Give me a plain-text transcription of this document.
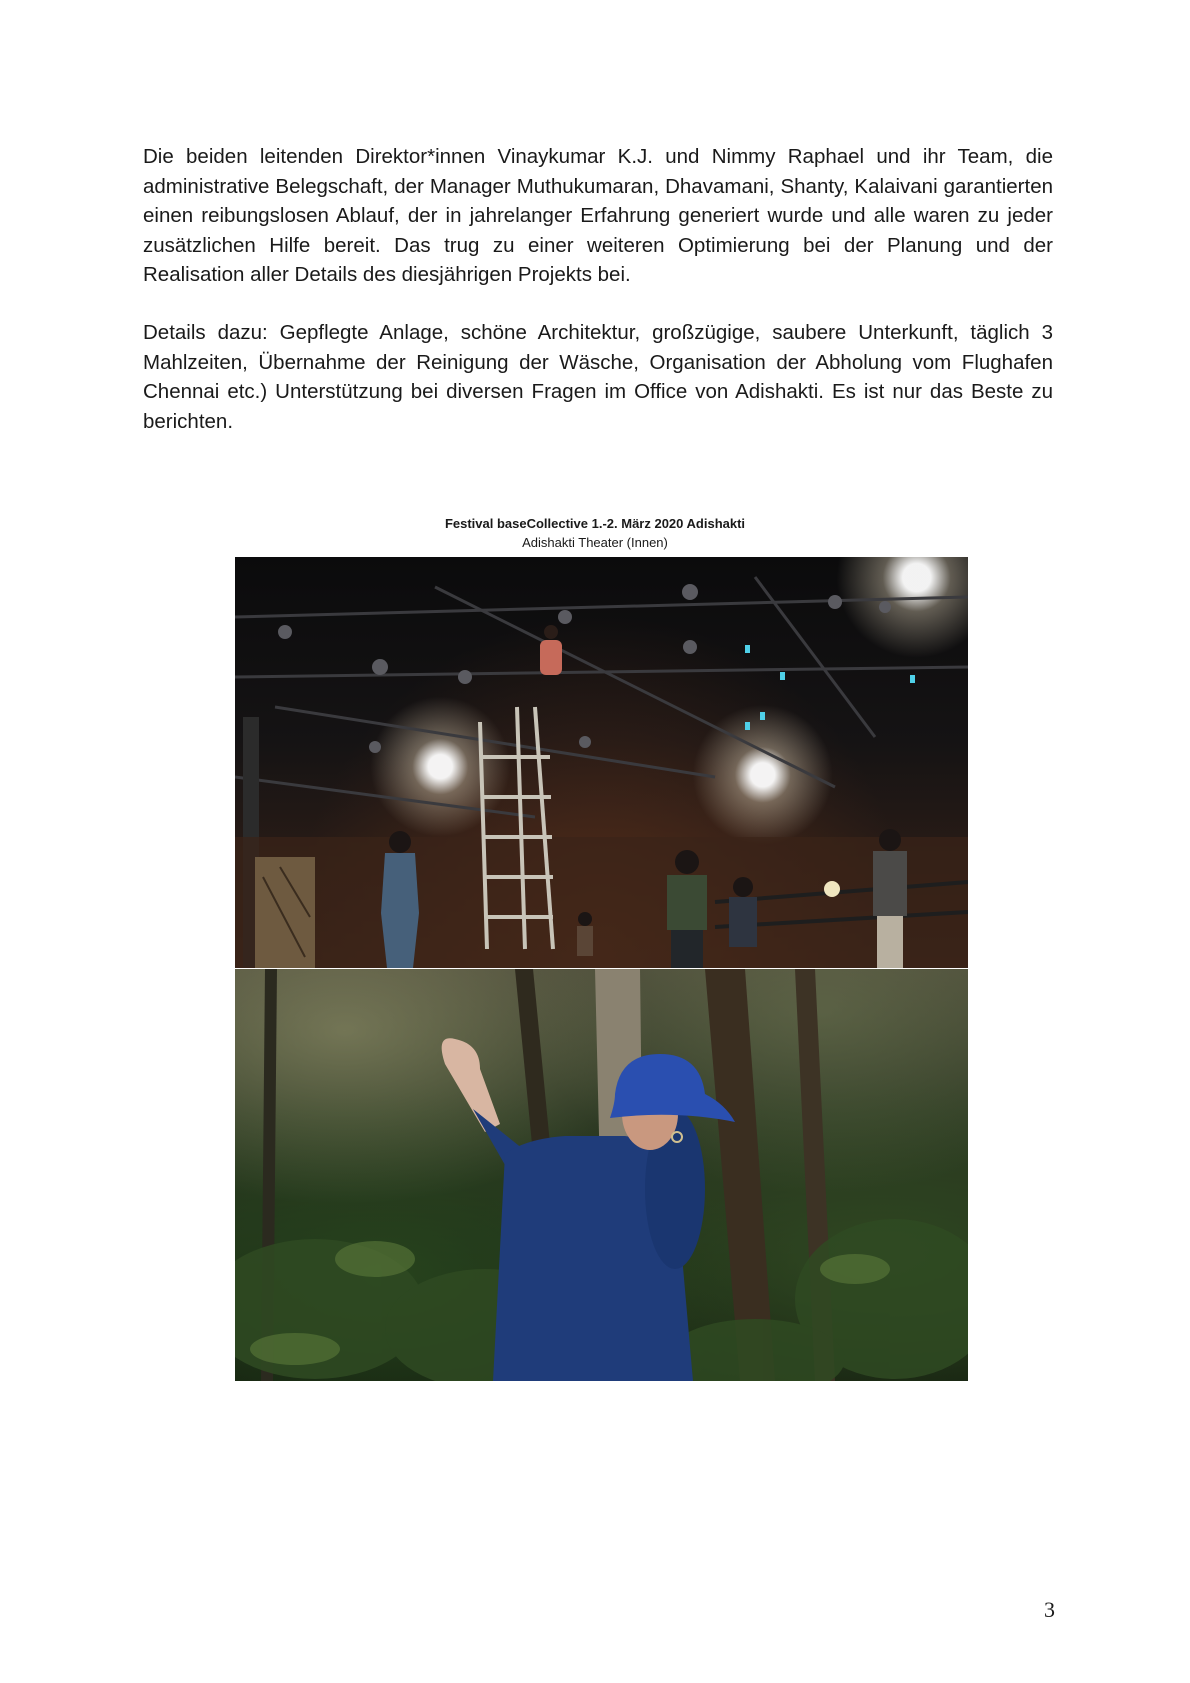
Die beiden leitenden Direktor*innen Vinaykumar K.J. und Nimmy Raphael und ihr Team, die administrative Belegschaft, der Manager Muthukumaran, Dhavamani, Shanty, Kalaivani garantierten einen reibungslosen Ablauf, der in jahrelanger Erfahrung generiert wurde und alle waren zu jeder zusätzlichen Hilfe bereit. Das trug zu einer weiteren Optimierung bei der Planung und der Realisation aller Details des diesjährigen Projekts bei.

Details dazu: Gepflegte Anlage, schöne Architektur, großzügige, saubere Unterkunft, täglich 3 Mahlzeiten, Übernahme der Reinigung der Wäsche, Organisation der Abholung vom Flughafen Chennai etc.) Unterstützung bei diversen Fragen im Office von Adishakti. Es ist nur das Beste zu berichten.

Festival baseCollective 1.-2. März 2020 Adishakti
Adishakti Theater (Innen)
3
